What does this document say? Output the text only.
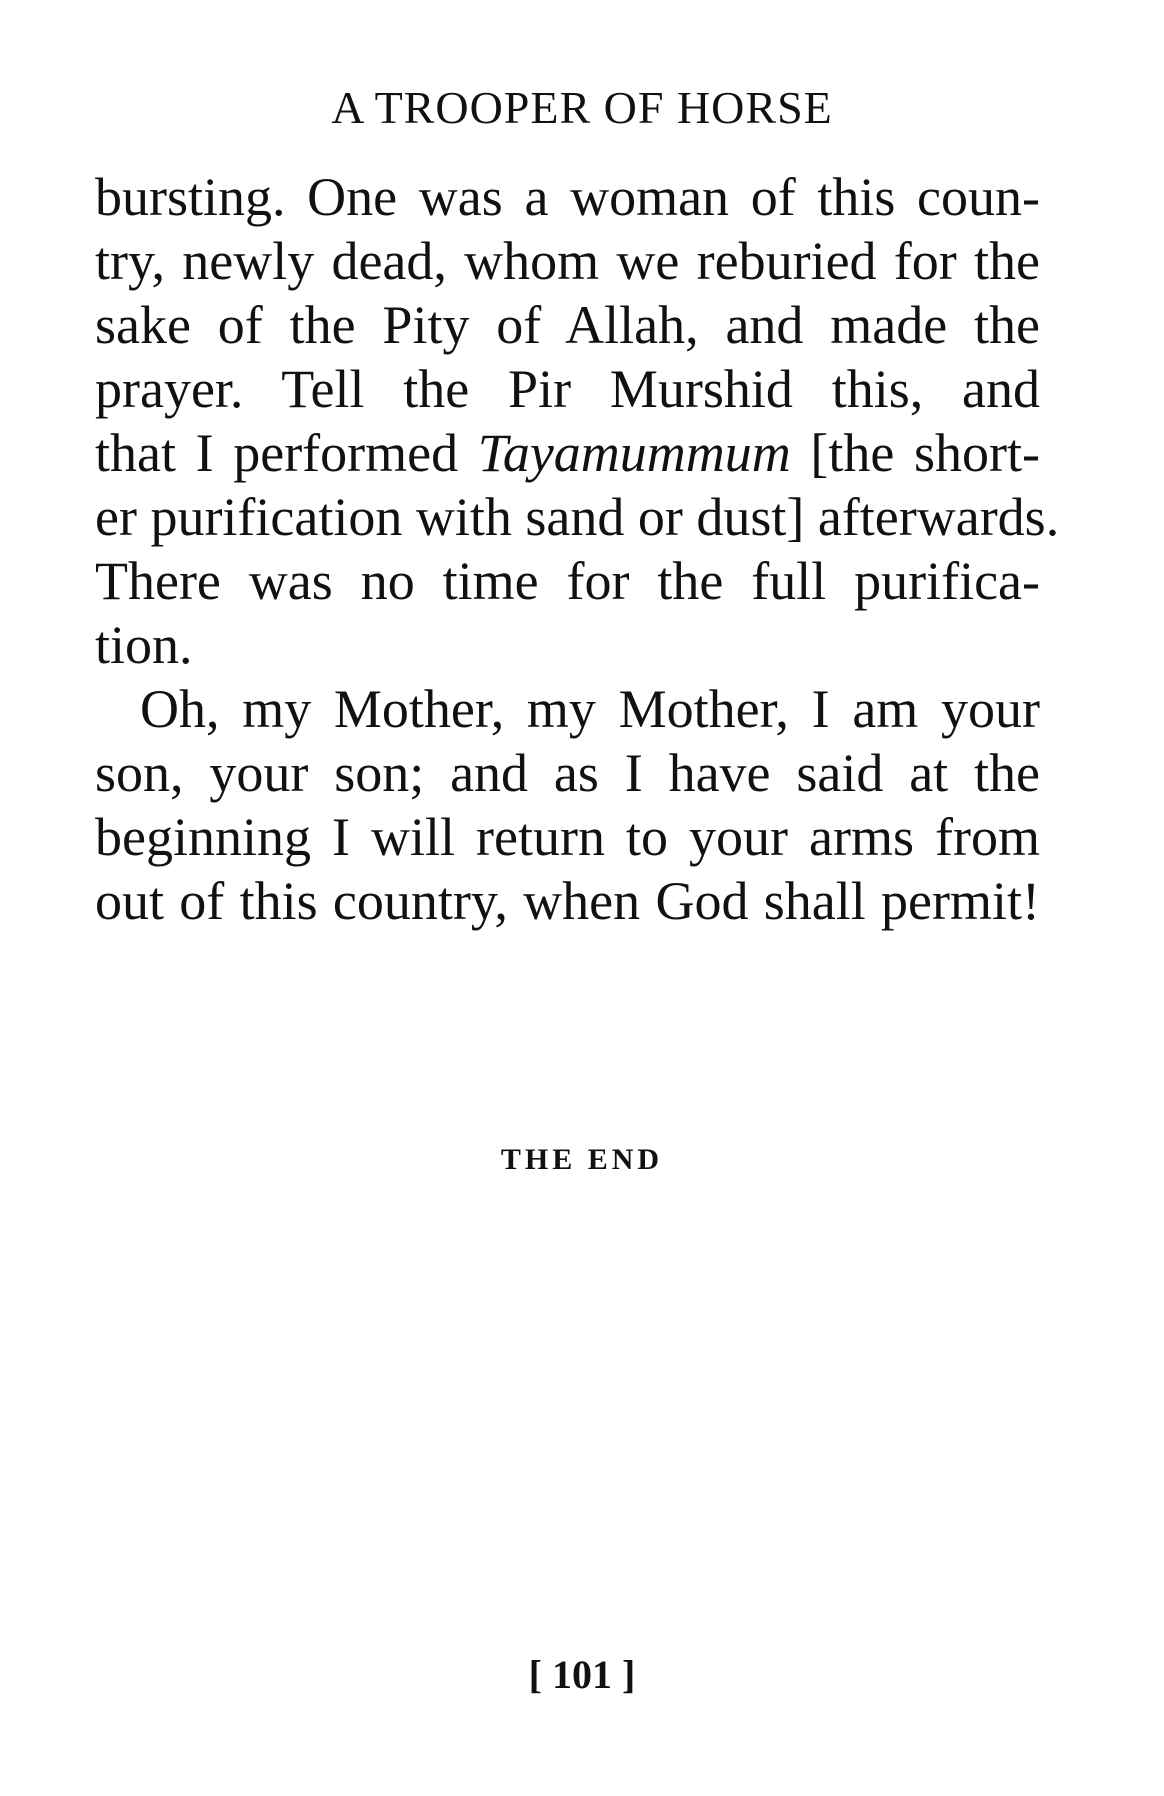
A TROOPER OF HORSE
bursting. One was a woman of this coun-
try, newly dead, whom we reburied for the
sake of the Pity of Allah, and made the
prayer. Tell the Pir Murshid this, and
that I performed Tayamummum [the short-
er purification with sand or dust] afterwards.
There was no time for the full purifica-
tion.
Oh, my Mother, my Mother, I am your
son, your son; and as I have said at the
beginning I will return to your arms from
out of this country, when God shall permit!
THE END
[ 101 ]
